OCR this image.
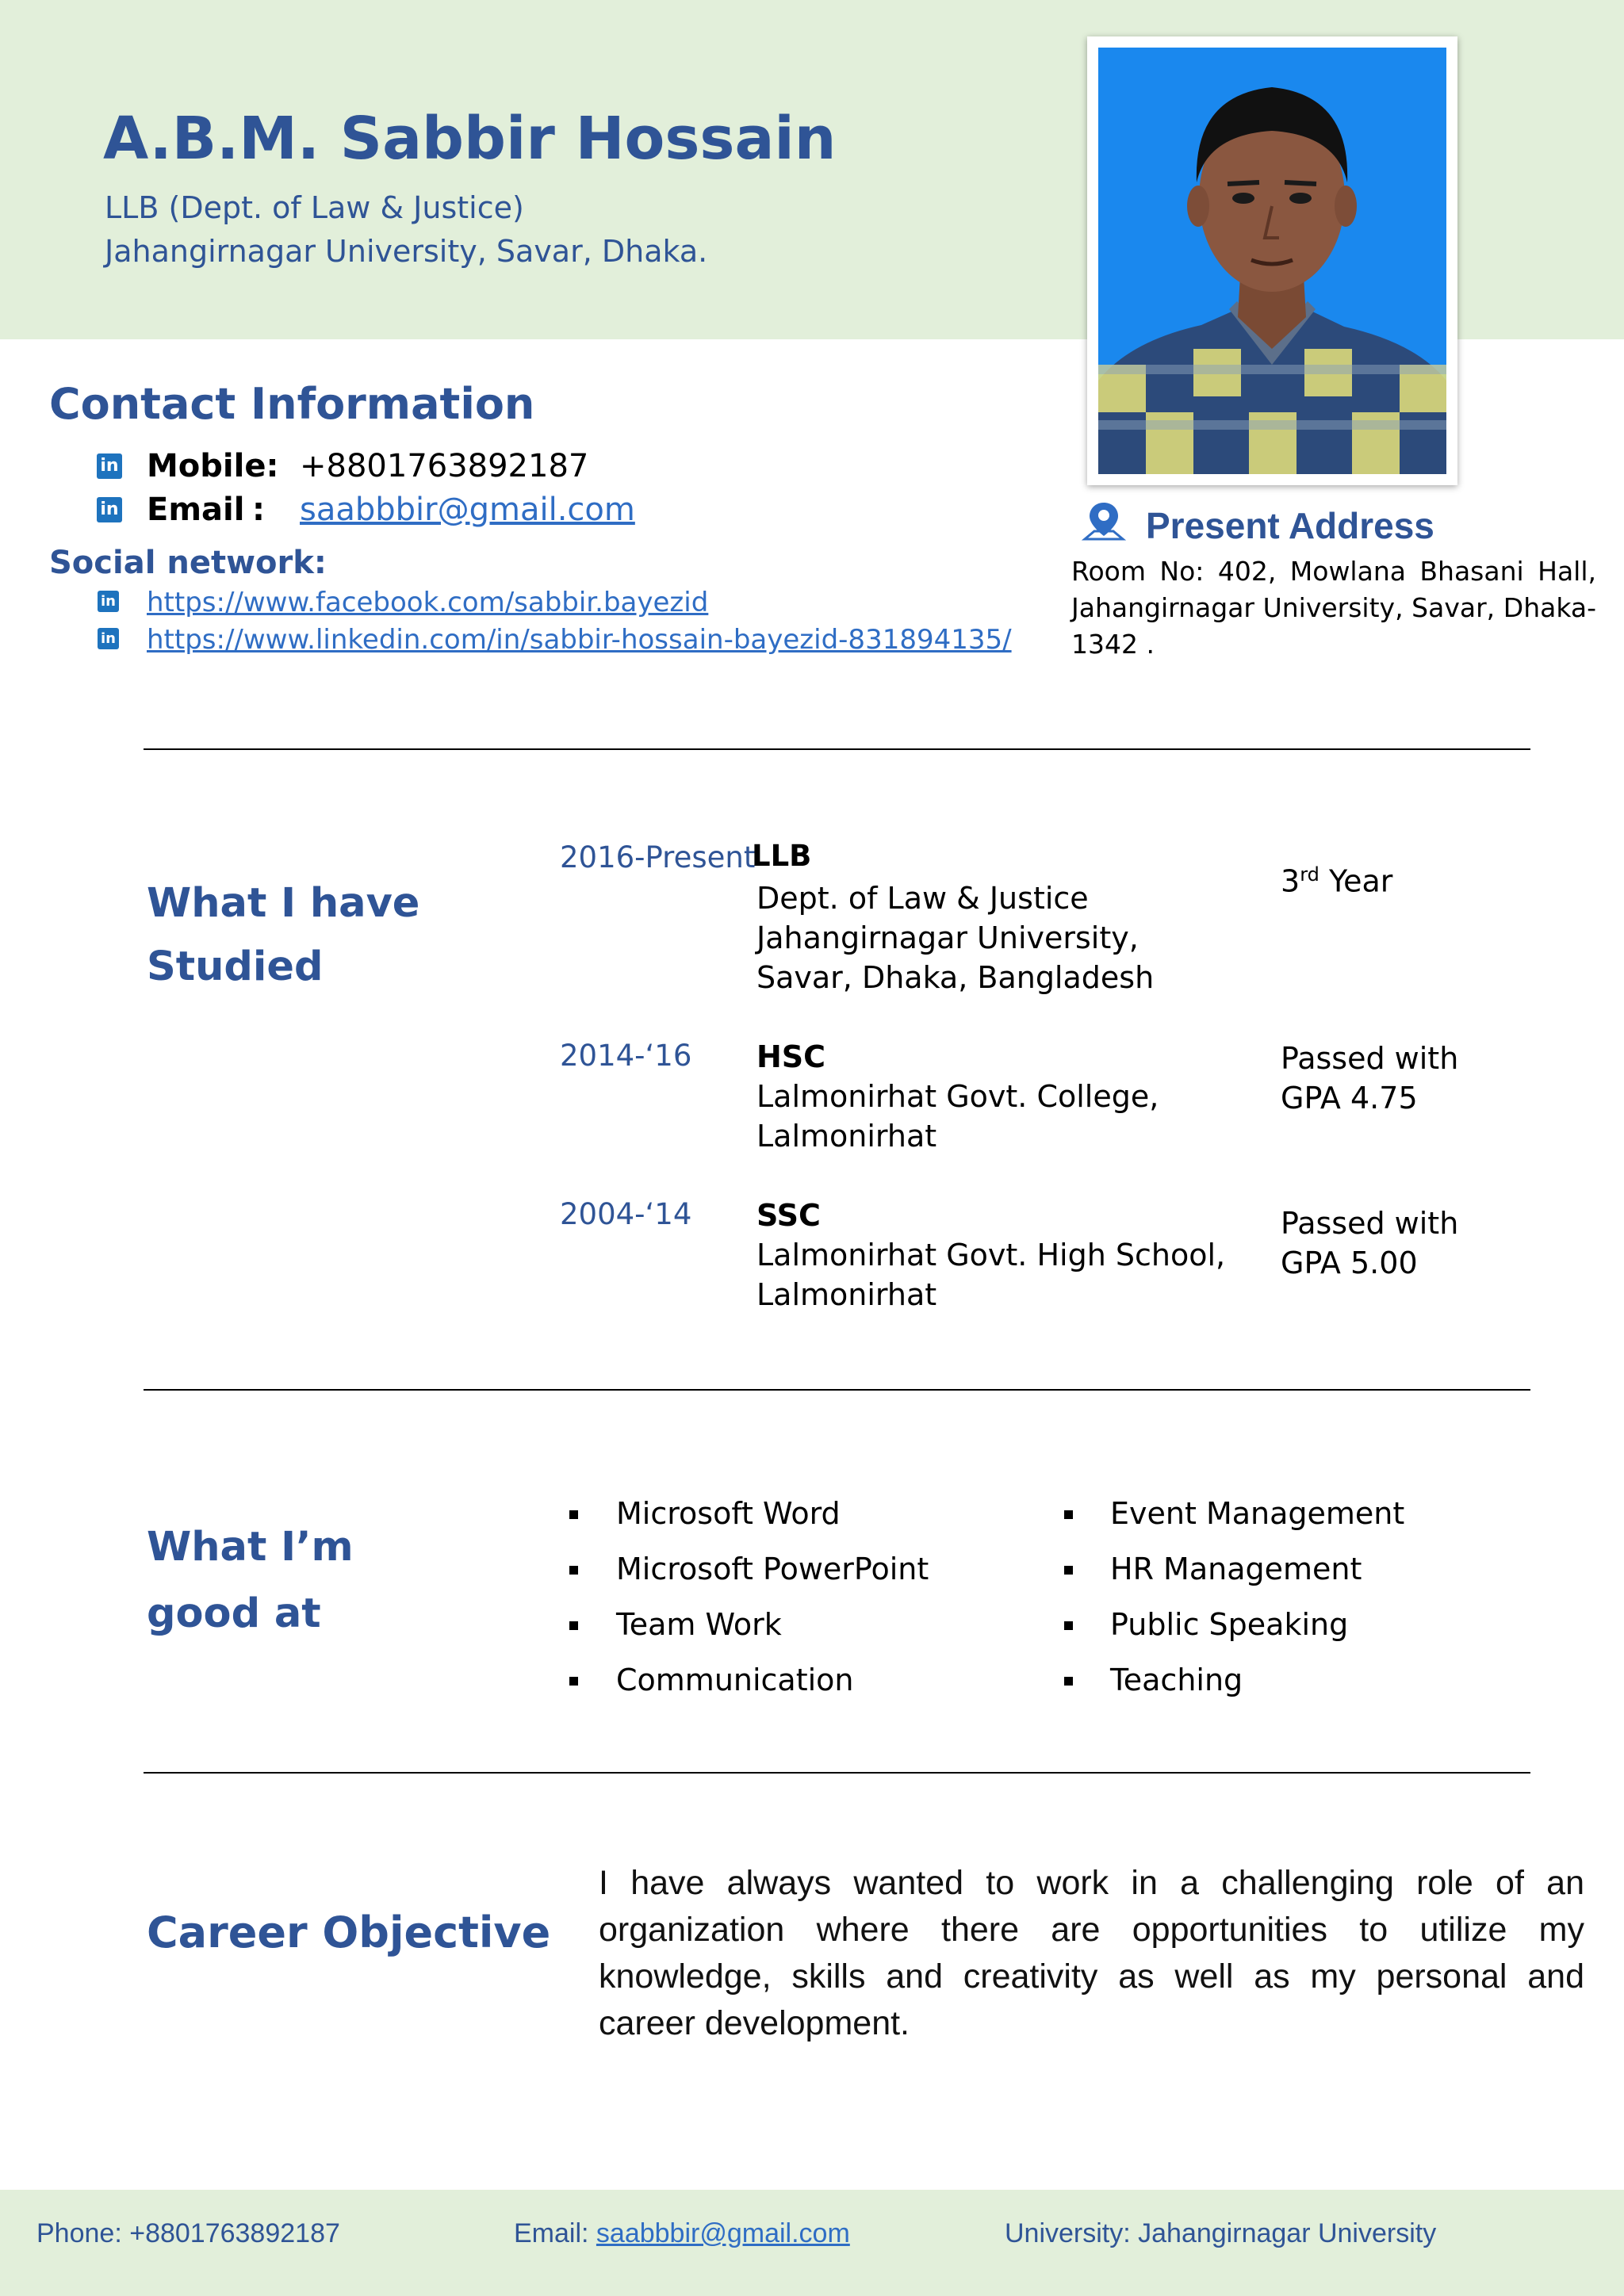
A.B.M. Sabbir Hossain
LLB (Dept. of Law & Justice)
Jahangirnagar University, Savar, Dhaka.
Contact Information
in Mobile: +8801763892187
in Email : saabbbir@gmail.com
Social network:
in https://www.facebook.com/sabbir.bayezid
in https://www.linkedin.com/in/sabbir-hossain-bayezid-831894135/
Present Address
Room No: 402, Mowlana Bhasani Hall, Jahangirnagar University, Savar, Dhaka- 1342 .
What I have
Studied
2016-Present
LLB
Dept. of Law & Justice
Jahangirnagar University,
Savar, Dhaka, Bangladesh
3rd Year
2014-‘16 HSC
Lalmonirhat Govt. College,
Lalmonirhat
Passed with
GPA 4.75
2004-‘14 SSC
Lalmonirhat Govt. High School,
Lalmonirhat
Passed with
GPA 5.00
What I’m
good at
Microsoft Word
Microsoft PowerPoint
Team Work
Communication
Event Management
HR Management
Public Speaking
Teaching
Career Objective
I have always wanted to work in a challenging role of an organization where there are opportunities to utilize my knowledge, skills and creativity as well as my personal and career development.
Phone: +8801763892187	Email: saabbbir@gmail.com	University: Jahangirnagar University
